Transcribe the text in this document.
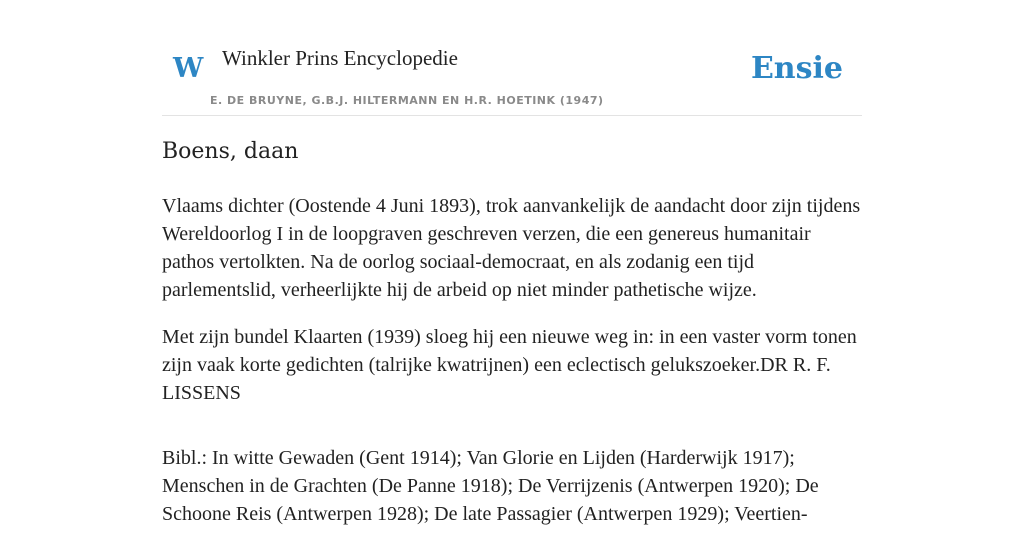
W Winkler Prins Encyclopedie
E. DE BRUYNE, G.B.J. HILTERMANN EN H.R. HOETINK (1947)
Ensie
Boens, daan

Vlaams dichter (Oostende 4 Juni 1893), trok aanvankelijk de aandacht door zijn tijdens Wereldoorlog I in de loopgraven geschreven verzen, die een genereus humanitair pathos vertolkten. Na de oorlog sociaal-democraat, en als zodanig een tijd parlementslid, verheerlijkte hij de arbeid op niet minder pathetische wijze.

Met zijn bundel Klaarten (1939) sloeg hij een nieuwe weg in: in een vaster vorm tonen zijn vaak korte gedichten (talrijke kwatrijnen) een eclectisch gelukszoeker.DR R. F. LISSENS

Bibl.: In witte Gewaden (Gent 1914); Van Glorie en Lijden (Harderwijk 1917); Menschen in de Grachten (De Panne 1918); De Verrijzenis (Antwerpen 1920); De Schoone Reis (Antwerpen 1928); De late Passagier (Antwerpen 1929); Veertien-
